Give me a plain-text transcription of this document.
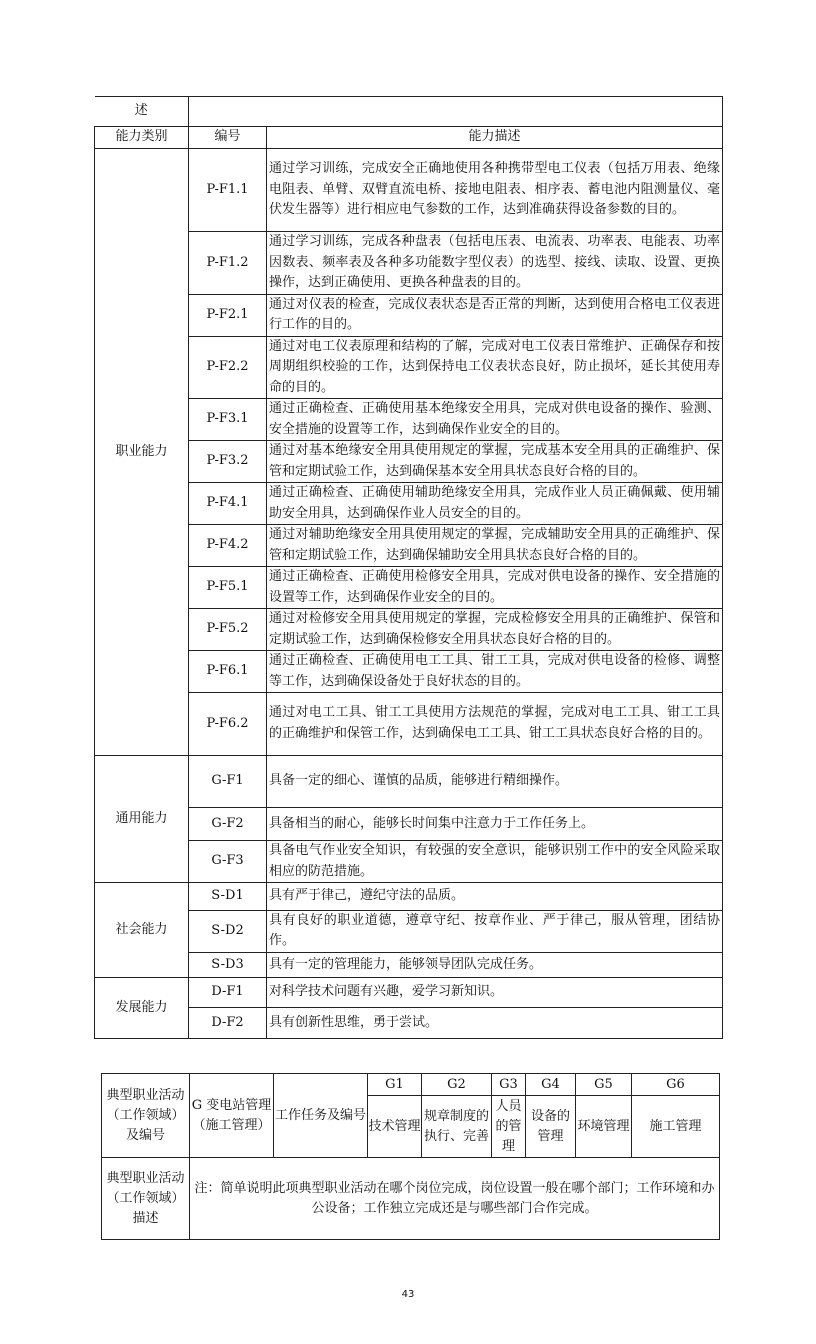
述		
能力类别	编号	能力描述
职业能力	P-F1.1	通过学习训练，完成安全正确地使用各种携带型电工仪表（包括万用表、绝缘电阻表、单臂、双臂直流电桥、接地电阻表、相序表、蓄电池内阻测量仪、毫伏发生器等）进行相应电气参数的工作，达到准确获得设备参数的目的。
	P-F1.2	通过学习训练，完成各种盘表（包括电压表、电流表、功率表、电能表、功率因数表、频率表及各种多功能数字型仪表）的选型、接线、读取、设置、更换操作，达到正确使用、更换各种盘表的目的。
	P-F2.1	通过对仪表的检查，完成仪表状态是否正常的判断，达到使用合格电工仪表进行工作的目的。
	P-F2.2	通过对电工仪表原理和结构的了解，完成对电工仪表日常维护、正确保存和按周期组织校验的工作，达到保持电工仪表状态良好，防止损坏，延长其使用寿命的目的。
	P-F3.1	通过正确检查、正确使用基本绝缘安全用具，完成对供电设备的操作、验测、安全措施的设置等工作，达到确保作业安全的目的。
	P-F3.2	通过对基本绝缘安全用具使用规定的掌握，完成基本安全用具的正确维护、保管和定期试验工作，达到确保基本安全用具状态良好合格的目的。
	P-F4.1	通过正确检查、正确使用辅助绝缘安全用具，完成作业人员正确佩戴、使用辅助安全用具，达到确保作业人员安全的目的。
	P-F4.2	通过对辅助绝缘安全用具使用规定的掌握，完成辅助安全用具的正确维护、保管和定期试验工作，达到确保辅助安全用具状态良好合格的目的。
	P-F5.1	通过正确检查、正确使用检修安全用具，完成对供电设备的操作、安全措施的设置等工作，达到确保作业安全的目的。
	P-F5.2	通过对检修安全用具使用规定的掌握，完成检修安全用具的正确维护、保管和定期试验工作，达到确保检修安全用具状态良好合格的目的。
	P-F6.1	通过正确检查、正确使用电工工具、钳工工具，完成对供电设备的检修、调整等工作，达到确保设备处于良好状态的目的。
	P-F6.2	通过对电工工具、钳工工具使用方法规范的掌握，完成对电工工具、钳工工具的正确维护和保管工作，达到确保电工工具、钳工工具状态良好合格的目的。
通用能力	G-F1	具备一定的细心、谨慎的品质，能够进行精细操作。
	G-F2	具备相当的耐心，能够长时间集中注意力于工作任务上。
	G-F3	具备电气作业安全知识，有较强的安全意识，能够识别工作中的安全风险采取相应的防范措施。
社会能力	S-D1	具有严于律己，遵纪守法的品质。
	S-D2	具有良好的职业道德，遵章守纪、按章作业、严于律己，服从管理，团结协作。
	S-D3	具有一定的管理能力，能够领导团队完成任务。
发展能力	D-F1	对科学技术问题有兴趣，爱学习新知识。
	D-F2	具有创新性思维，勇于尝试。
典型职业活动（工作领域）及编号	G 变电站管理（施工管理）	工作任务及编号	G1	G2	G3	G4	G5	G6
			技术管理	规章制度的执行、完善	人员的管理	设备的管理	环境管理	施工管理
典型职业活动（工作领域）描述	注：简单说明此项典型职业活动在哪个岗位完成，岗位设置一般在哪个部门；工作环境和办公设备；工作独立完成还是与哪些部门合作完成。							
43
